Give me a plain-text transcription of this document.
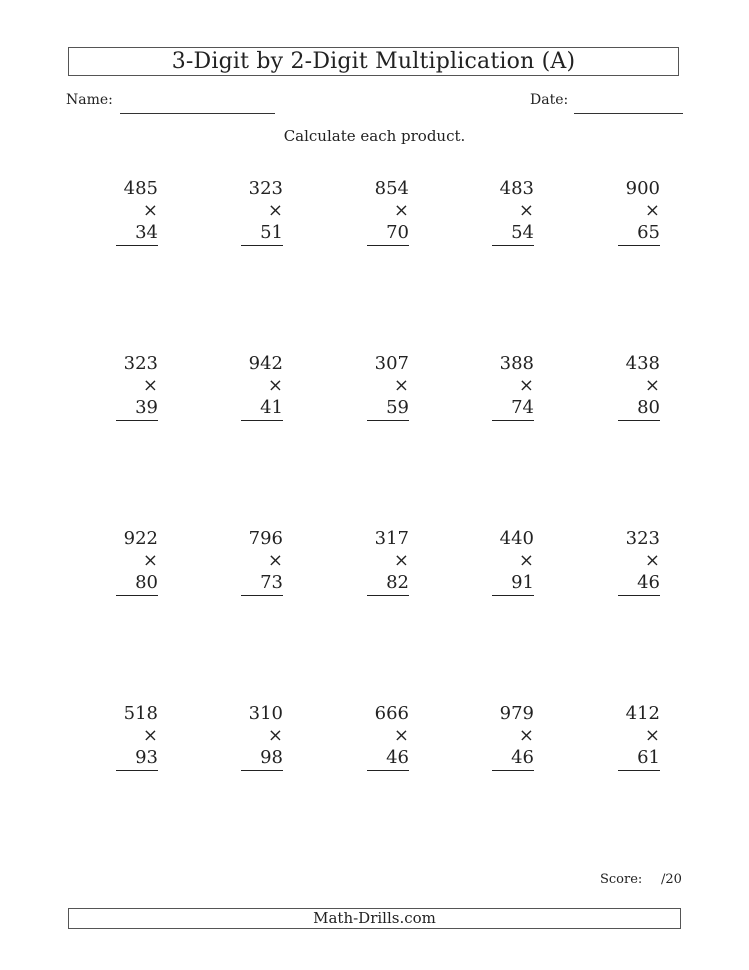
3-Digit by 2-Digit Multiplication (A)
Name:	Date:
Calculate each product.
485
× 34
323
× 51
854
× 70
483
× 54
900
× 65
323
× 39
942
× 41
307
× 59
388
× 74
438
× 80
922
× 80
796
× 73
317
× 82
440
× 91
323
× 46
518
× 93
310
× 98
666
× 46
979
× 46
412
× 61
Score: /20
Math-Drills.com
